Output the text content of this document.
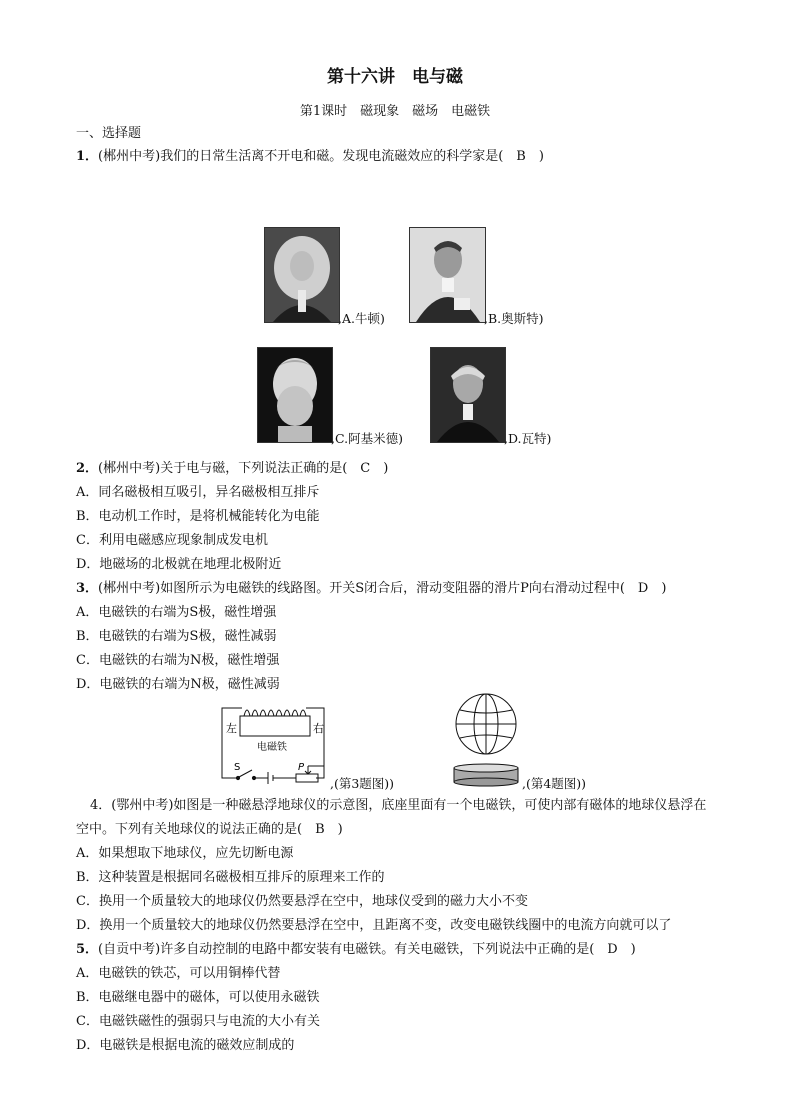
第十六讲　电与磁
第1课时　磁现象　磁场　电磁铁
一、选择题
1．(郴州中考)我们的日常生活离不开电和磁。发现电流磁效应的科学家是(　B　)
,A.牛顿)	,B.奥斯特)
,C.阿基米德)	,D.瓦特)
2．(郴州中考)关于电与磁，下列说法正确的是(　C　)
A．同名磁极相互吸引，异名磁极相互排斥
B．电动机工作时，是将机械能转化为电能
C．利用电磁感应现象制成发电机
D．地磁场的北极就在地理北极附近
3．(郴州中考)如图所示为电磁铁的线路图。开关S闭合后，滑动变阻器的滑片P向右滑动过程中(　D　)
A．电磁铁的右端为S极，磁性增强
B．电磁铁的右端为S极，磁性减弱
C．电磁铁的右端为N极，磁性增强
D．电磁铁的右端为N极，磁性减弱
左	右
电磁铁
S	P
,(第3题图))	,(第4题图))
4．(鄂州中考)如图是一种磁悬浮地球仪的示意图，底座里面有一个电磁铁，可使内部有磁体的地球仪悬浮在
空中。下列有关地球仪的说法正确的是(　B　)
A．如果想取下地球仪，应先切断电源
B．这种装置是根据同名磁极相互排斥的原理来工作的
C．换用一个质量较大的地球仪仍然要悬浮在空中，地球仪受到的磁力大小不变
D．换用一个质量较大的地球仪仍然要悬浮在空中，且距离不变，改变电磁铁线圈中的电流方向就可以了
5．(自贡中考)许多自动控制的电路中都安装有电磁铁。有关电磁铁，下列说法中正确的是(　D　)
A．电磁铁的铁芯，可以用铜棒代替
B．电磁继电器中的磁体，可以使用永磁铁
C．电磁铁磁性的强弱只与电流的大小有关
D．电磁铁是根据电流的磁效应制成的
